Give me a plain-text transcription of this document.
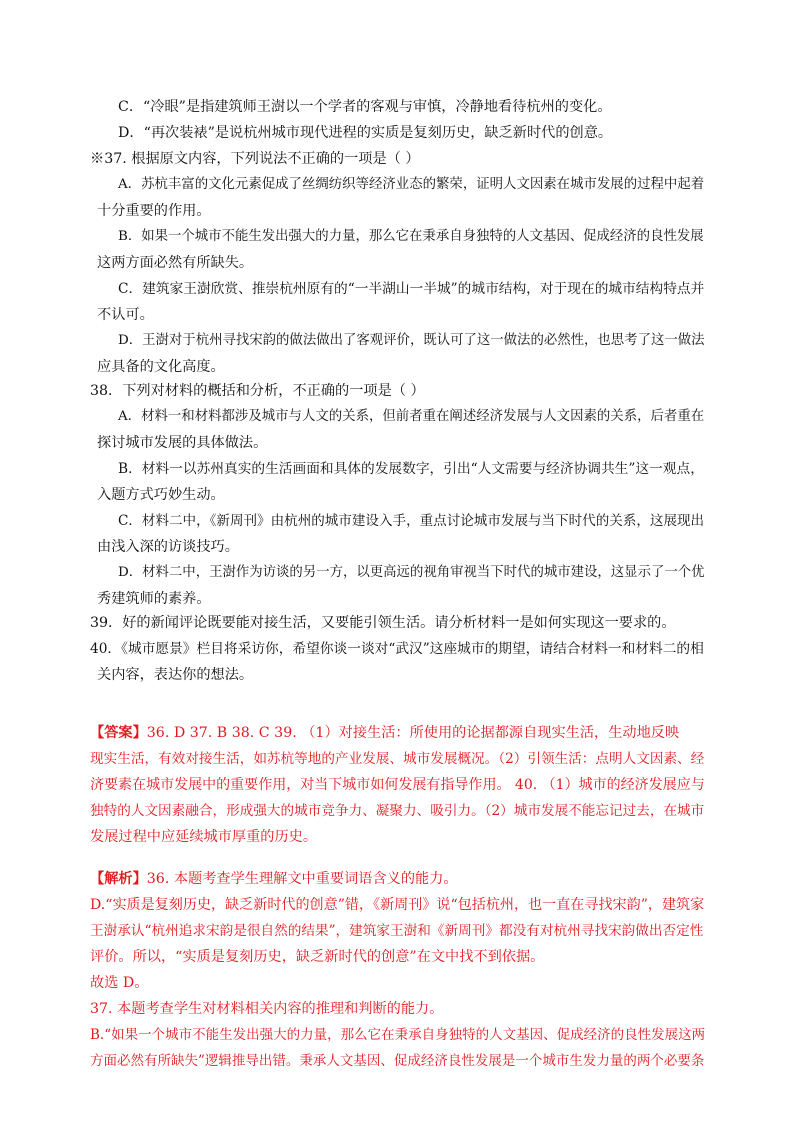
C．“冷眼”是指建筑师王澍以一个学者的客观与审慎，冷静地看待杭州的变化。
D．“再次装裱”是说杭州城市现代进程的实质是复刻历史，缺乏新时代的创意。
※37. 根据原文内容，下列说法不正确的一项是（ ）
A．苏杭丰富的文化元素促成了丝绸纺织等经济业态的繁荣，证明人文因素在城市发展的过程中起着
十分重要的作用。
B．如果一个城市不能生发出强大的力量，那么它在秉承自身独特的人文基因、促成经济的良性发展
这两方面必然有所缺失。
C．建筑家王澍欣赏、推崇杭州原有的“一半湖山一半城”的城市结构，对于现在的城市结构特点并
不认可。
D．王澍对于杭州寻找宋韵的做法做出了客观评价，既认可了这一做法的必然性，也思考了这一做法
应具备的文化高度。
38．下列对材料的概括和分析，不正确的一项是（ ）
A．材料一和材料都涉及城市与人文的关系，但前者重在阐述经济发展与人文因素的关系，后者重在
探讨城市发展的具体做法。
B．材料一以苏州真实的生活画面和具体的发展数字，引出“人文需要与经济协调共生”这一观点，
入题方式巧妙生动。
C．材料二中，《新周刊》由杭州的城市建设入手，重点讨论城市发展与当下时代的关系，这展现出
由浅入深的访谈技巧。
D．材料二中，王澍作为访谈的另一方，以更高远的视角审视当下时代的城市建设，这显示了一个优
秀建筑师的素养。
39．好的新闻评论既要能对接生活，又要能引领生活。请分析材料一是如何实现这一要求的。
40．《城市愿景》栏目将采访你，希望你谈一谈对“武汉”这座城市的期望，请结合材料一和材料二的相
关内容，表达你的想法。
【答案】36. D 37. B 38. C 39. （1）对接生活：所使用的论据都源自现实生活，生动地反映
现实生活，有效对接生活，如苏杭等地的产业发展、城市发展概况。（2）引领生活：点明人文因素、经
济要素在城市发展中的重要作用，对当下城市如何发展有指导作用。 40. （1）城市的经济发展应与
独特的人文因素融合，形成强大的城市竞争力、凝聚力、吸引力。（2）城市发展不能忘记过去，在城市
发展过程中应延续城市厚重的历史。
【解析】36. 本题考查学生理解文中重要词语含义的能力。
D.“实质是复刻历史，缺乏新时代的创意”错，《新周刊》说“包括杭州，也一直在寻找宋韵”，建筑家
王澍承认“杭州追求宋韵是很自然的结果”，建筑家王澍和《新周刊》都没有对杭州寻找宋韵做出否定性
评价。所以，“实质是复刻历史，缺乏新时代的创意”在文中找不到依据。
故选 D。
37. 本题考查学生对材料相关内容的推理和判断的能力。
B.“如果一个城市不能生发出强大的力量，那么它在秉承自身独特的人文基因、促成经济的良性发展这两
方面必然有所缺失”逻辑推导出错。秉承人文基因、促成经济良性发展是一个城市生发力量的两个必要条
